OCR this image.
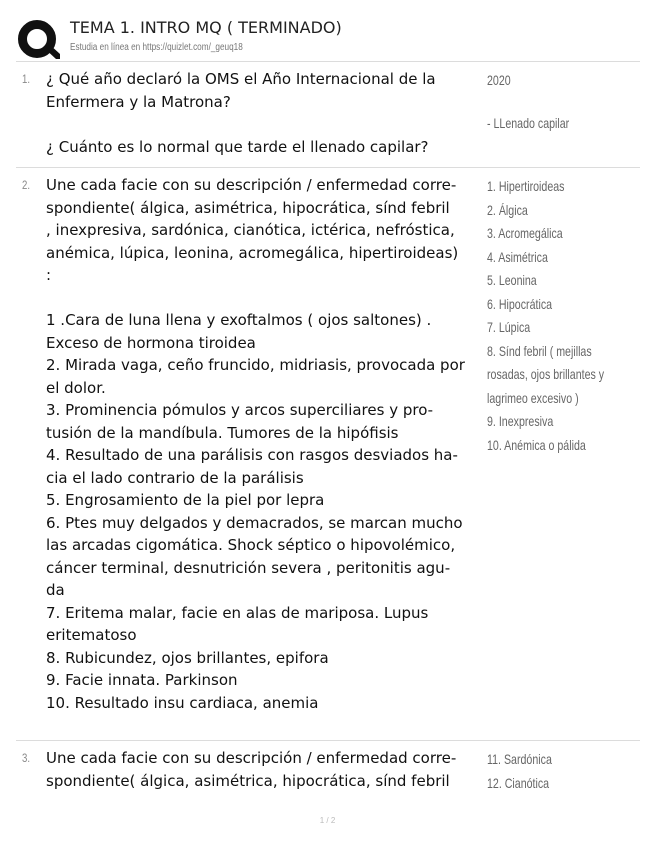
TEMA 1. INTRO MQ ( TERMINADO)
Estudia en línea en https://quizlet.com/_geuq18
1. ¿ Qué año declaró la OMS el Año Internacional de la

Enfermera y la Matrona?

¿ Cuánto es lo normal que tarde el llenado capilar?

2020

- LLenado capilar

2. Une cada facie con su descripción / enfermedad corre-

spondiente( álgica, asimétrica, hipocrática, sínd febril

, inexpresiva, sardónica, cianótica, ictérica, nefróstica,

anémica, lúpica, leonina, acromegálica, hipertiroideas)

:

1 .Cara de luna llena y exoftalmos ( ojos saltones) .

Exceso de hormona tiroidea

2. Mirada vaga, ceño fruncido, midriasis, provocada por

el dolor.

3. Prominencia pómulos y arcos superciliares y pro-

tusión de la mandíbula. Tumores de la hipófisis

4. Resultado de una parálisis con rasgos desviados ha-

cia el lado contrario de la parálisis

5. Engrosamiento de la piel por lepra

6. Ptes muy delgados y demacrados, se marcan mucho

las arcadas cigomática. Shock séptico o hipovolémico,

cáncer terminal, desnutrición severa , peritonitis agu-

da

7. Eritema malar, facie en alas de mariposa. Lupus

eritematoso

8. Rubicundez, ojos brillantes, epifora

9. Facie innata. Parkinson

10. Resultado insu cardiaca, anemia

1. Hipertiroideas

2. Álgica

3. Acromegálica

4. Asimétrica

5. Leonina

6. Hipocrática

7. Lúpica

8. Sínd febril ( mejillas

rosadas, ojos brillantes y

lagrimeo excesivo )

9. Inexpresiva

10. Anémica o pálida

3. Une cada facie con su descripción / enfermedad corre-

spondiente( álgica, asimétrica, hipocrática, sínd febril

11. Sardónica

12. Cianótica

1 / 2
